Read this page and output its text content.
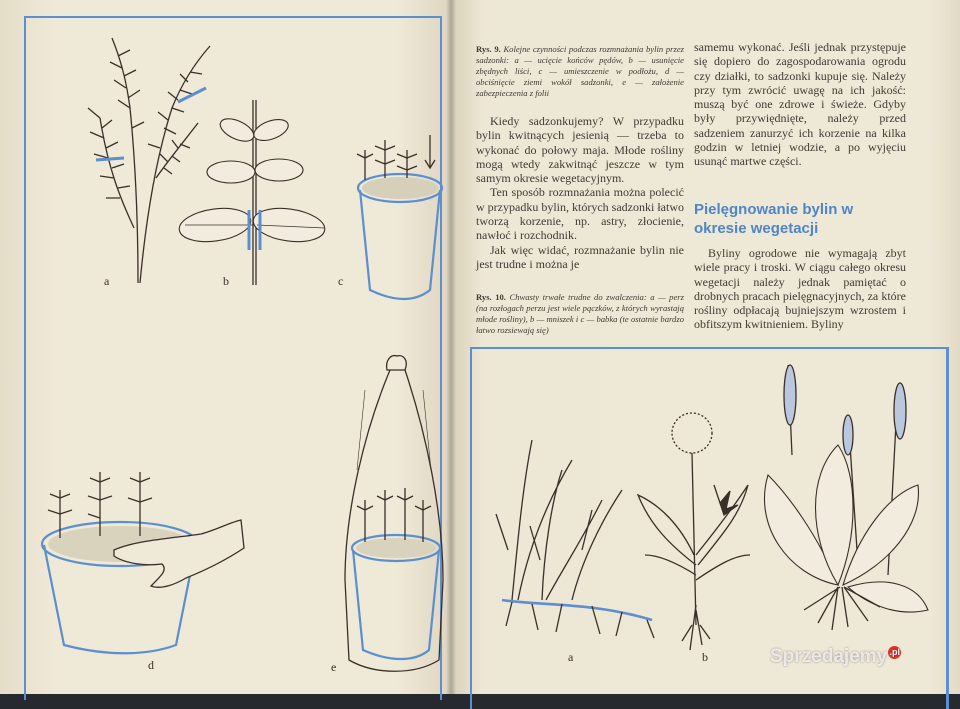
a	b	c
d	e
Rys. 9. Kolejne czynności podczas rozmnażania bylin przez sadzonki: a — ucięcie końców pędów, b — usunięcie zbędnych liści, c — umieszczenie w podłożu, d — obciśnięcie ziemi wokół sadzonki, e — założenie zabezpieczenia z folii

Kiedy sadzonkujemy? W przypadku bylin kwitnących jesienią — trzeba to wykonać do połowy maja. Młode rośliny mogą wtedy zakwitnąć jeszcze w tym samym okresie wegetacyjnym.

Ten sposób rozmnażania można polecić w przypadku bylin, których sadzonki łatwo tworzą korzenie, np. astry, złocienie, nawłoć i rozchodnik.

Jak więc widać, rozmnażanie bylin nie jest trudne i można je

Rys. 10. Chwasty trwałe trudne do zwalczenia: a — perz (na rozłogach perzu jest wiele pączków, z których wyrastają młode rośliny), b — mniszek i c — babka (te ostatnie bardzo łatwo rozsiewają się)

samemu wykonać. Jeśli jednak przystępuje się dopiero do zagospodarowania ogrodu czy działki, to sadzonki kupuje się. Należy przy tym zwrócić uwagę na ich jakość: muszą być one zdrowe i świeże. Gdyby były przywiędnięte, należy przed sadzeniem zanurzyć ich korzenie na kilka godzin w letniej wodzie, a po wyjęciu usunąć martwe części.

Pielęgnowanie bylin w okresie wegetacji

Byliny ogrodowe nie wymagają zbyt wiele pracy i troski. W ciągu całego okresu wegetacji należy jednak pamiętać o drobnych pracach pielęgnacyjnych, za które rośliny odpłacają bujniejszym wzrostem i obfitszym kwitnieniem. Byliny

a	b	Sprzedajemy .pl
